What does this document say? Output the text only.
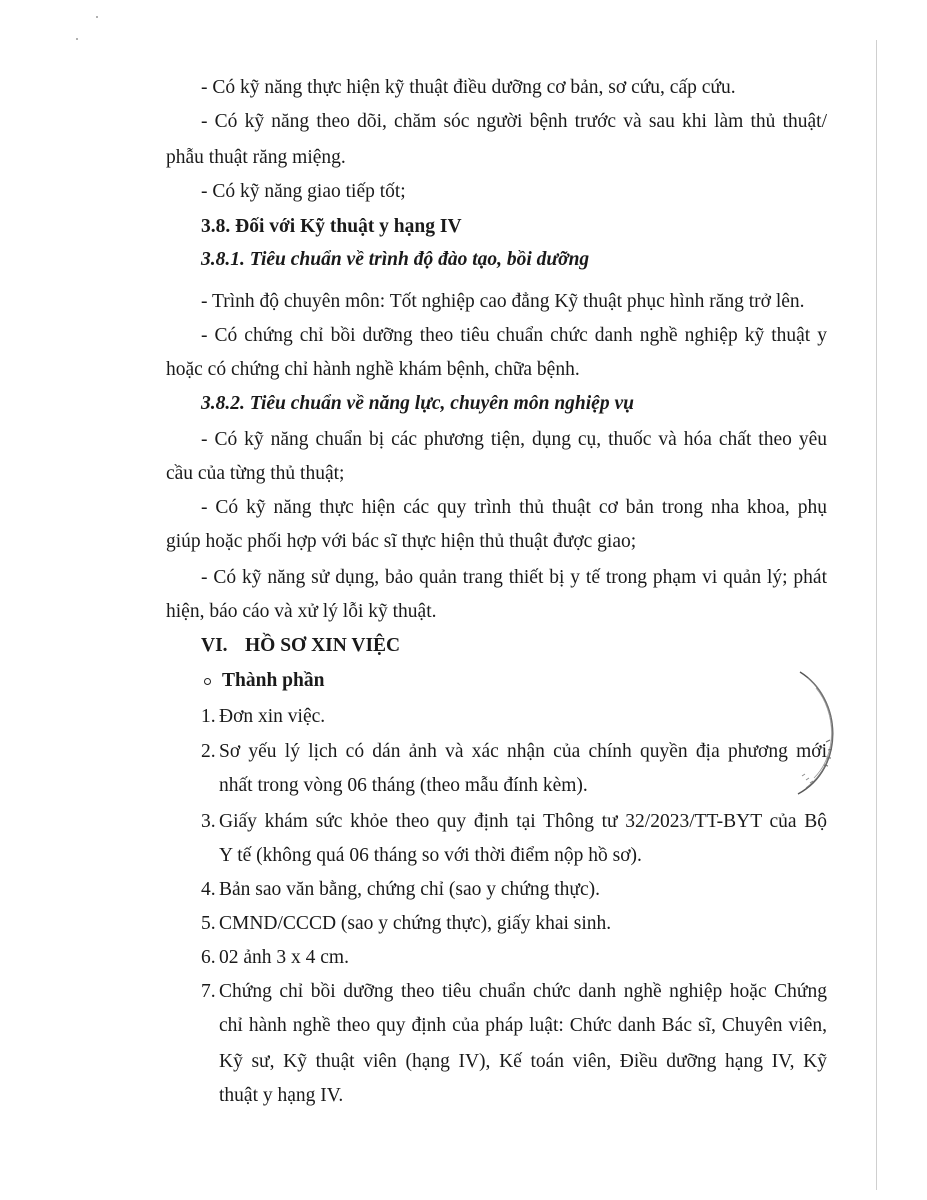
- Có kỹ năng thực hiện kỹ thuật điều dưỡng cơ bản, sơ cứu, cấp cứu.
- Có kỹ năng theo dõi, chăm sóc người bệnh trước và sau khi làm thủ thuật/
phẫu thuật răng miệng.
- Có kỹ năng giao tiếp tốt;
3.8. Đối với Kỹ thuật y hạng IV
3.8.1. Tiêu chuẩn về trình độ đào tạo, bồi dưỡng
- Trình độ chuyên môn: Tốt nghiệp cao đẳng Kỹ thuật phục hình răng trở lên.
- Có chứng chỉ bồi dưỡng theo tiêu chuẩn chức danh nghề nghiệp kỹ thuật y
hoặc có chứng chỉ hành nghề khám bệnh, chữa bệnh.
3.8.2. Tiêu chuẩn về năng lực, chuyên môn nghiệp vụ
- Có kỹ năng chuẩn bị các phương tiện, dụng cụ, thuốc và hóa chất theo yêu
cầu của từng thủ thuật;
- Có kỹ năng thực hiện các quy trình thủ thuật cơ bản trong nha khoa, phụ
giúp hoặc phối hợp với bác sĩ thực hiện thủ thuật được giao;
- Có kỹ năng sử dụng, bảo quản trang thiết bị y tế trong phạm vi quản lý; phát
hiện, báo cáo và xử lý lỗi kỹ thuật.
VI. HỒ SƠ XIN VIỆC
Thành phần
1. Đơn xin việc.
2. Sơ yếu lý lịch có dán ảnh và xác nhận của chính quyền địa phương mới
nhất trong vòng 06 tháng (theo mẫu đính kèm).
3. Giấy khám sức khỏe theo quy định tại Thông tư 32/2023/TT-BYT của Bộ
Y tế (không quá 06 tháng so với thời điểm nộp hồ sơ).
4. Bản sao văn bằng, chứng chỉ (sao y chứng thực).
5. CMND/CCCD (sao y chứng thực), giấy khai sinh.
6. 02 ảnh 3 x 4 cm.
7. Chứng chỉ bồi dưỡng theo tiêu chuẩn chức danh nghề nghiệp hoặc Chứng
chỉ hành nghề theo quy định của pháp luật: Chức danh Bác sĩ, Chuyên viên,
Kỹ sư, Kỹ thuật viên (hạng IV), Kế toán viên, Điều dưỡng hạng IV, Kỹ
thuật y hạng IV.
